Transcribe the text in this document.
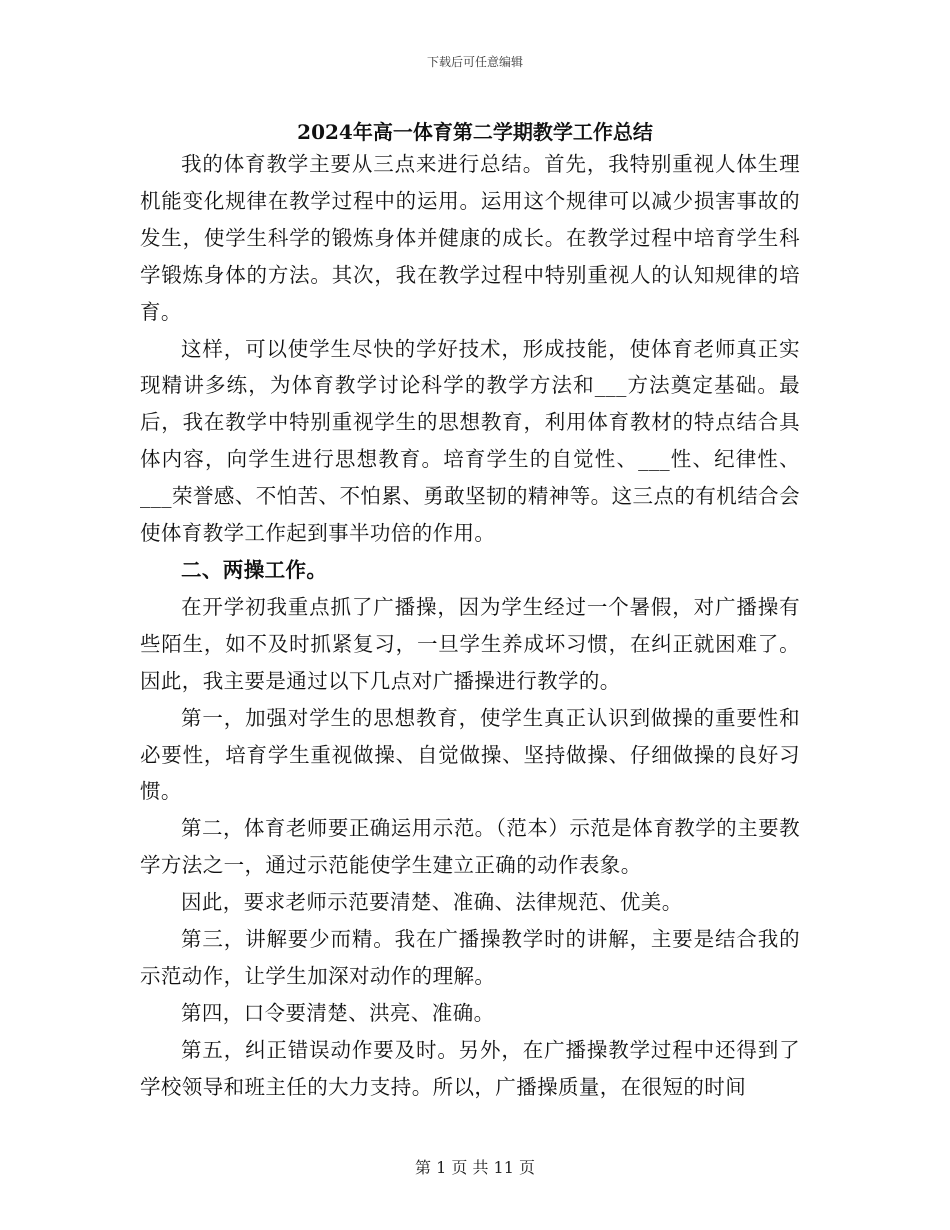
下载后可任意编辑
2024年高一体育第二学期教学工作总结

我的体育教学主要从三点来进行总结。首先，我特别重视人体生理机能变化规律在教学过程中的运用。运用这个规律可以减少损害事故的发生，使学生科学的锻炼身体并健康的成长。在教学过程中培育学生科学锻炼身体的方法。其次，我在教学过程中特别重视人的认知规律的培育。

这样，可以使学生尽快的学好技术，形成技能，使体育老师真正实现精讲多练，为体育教学讨论科学的教学方法和___方法奠定基础。最后，我在教学中特别重视学生的思想教育，利用体育教材的特点结合具体内容，向学生进行思想教育。培育学生的自觉性、___性、纪律性、___荣誉感、不怕苦、不怕累、勇敢坚韧的精神等。这三点的有机结合会使体育教学工作起到事半功倍的作用。

二、两操工作。

在开学初我重点抓了广播操，因为学生经过一个暑假，对广播操有些陌生，如不及时抓紧复习，一旦学生养成坏习惯，在纠正就困难了。因此，我主要是通过以下几点对广播操进行教学的。

第一，加强对学生的思想教育，使学生真正认识到做操的重要性和必要性，培育学生重视做操、自觉做操、坚持做操、仔细做操的良好习惯。

第二，体育老师要正确运用示范。（范本）示范是体育教学的主要教学方法之一，通过示范能使学生建立正确的动作表象。

因此，要求老师示范要清楚、准确、法律规范、优美。

第三，讲解要少而精。我在广播操教学时的讲解，主要是结合我的示范动作，让学生加深对动作的理解。

第四，口令要清楚、洪亮、准确。

第五，纠正错误动作要及时。另外，在广播操教学过程中还得到了学校领导和班主任的大力支持。所以，广播操质量，在很短的时间

第 1 页 共 11 页
